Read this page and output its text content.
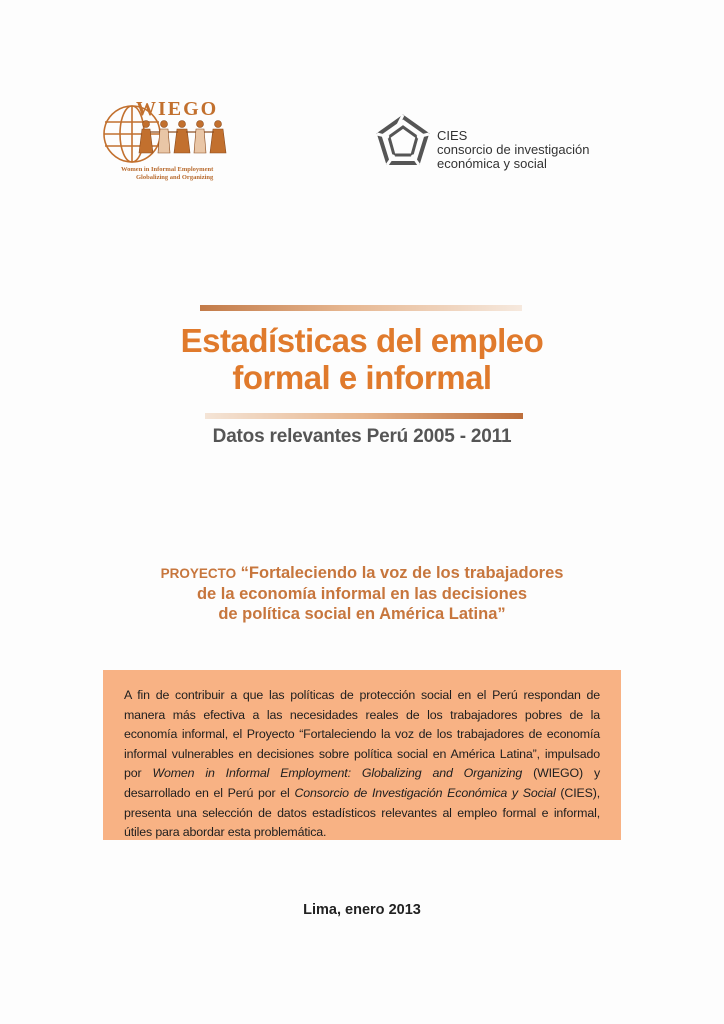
WIEGO
Women in Informal Employment
Globalizing and Organizing
CIES
consorcio de investigación
económica y social
Estadísticas del empleo
formal e informal
Datos relevantes Perú 2005 - 2011
PROYECTO “Fortaleciendo la voz de los trabajadores
de la economía informal en las decisiones
de política social en América Latina”
A fin de contribuir a que las políticas de protección social en el Perú respondan de manera más efectiva a las necesidades reales de los trabajadores pobres de la economía informal, el Proyecto “Fortaleciendo la voz de los trabajadores de economía informal vulnerables en decisiones sobre política social en América Latina”, impulsado por Women in Informal Employment: Globalizing and Organizing (WIEGO) y desarrollado en el Perú por el Consorcio de Investigación Económica y Social (CIES), presenta una selección de datos estadísticos relevantes al empleo formal e informal, útiles para abordar esta problemática.
Lima, enero 2013
